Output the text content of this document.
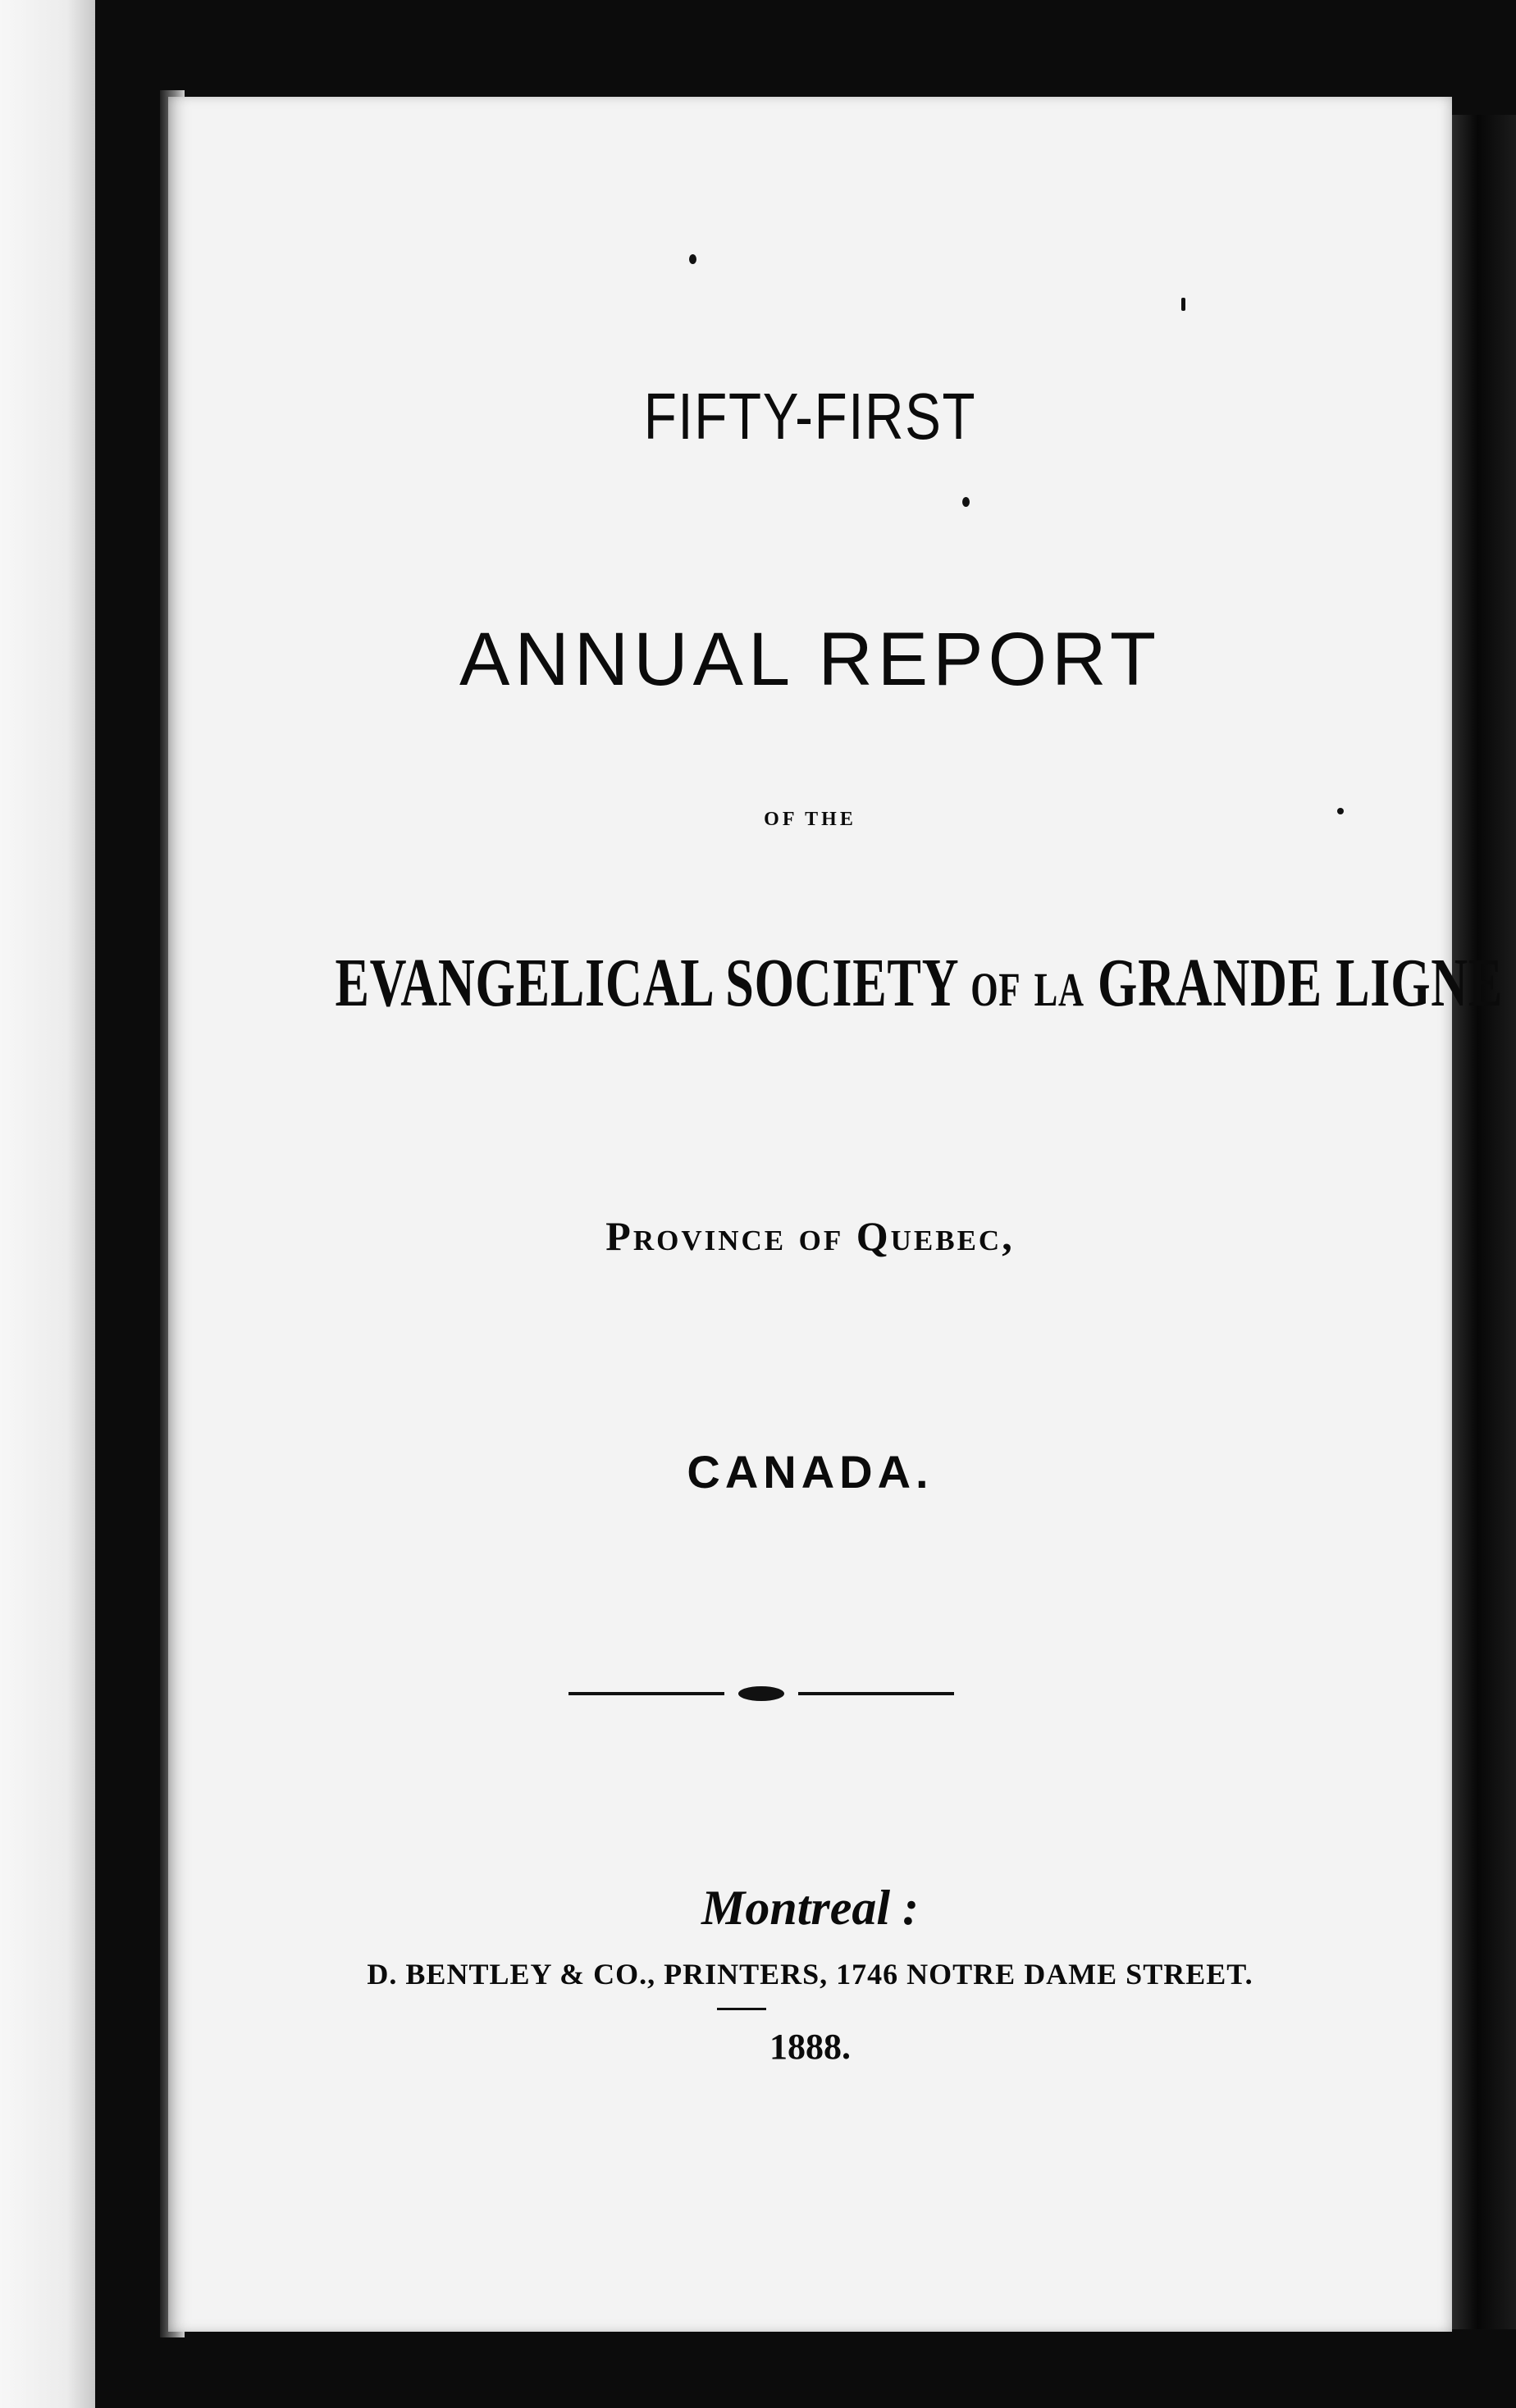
FIFTY-FIRST
ANNUAL REPORT
OF THE
EVANGELICAL SOCIETY OF LA GRANDE LIGNE
Province of Quebec,
CANADA.
Montreal :
D. BENTLEY & CO., PRINTERS, 1746 NOTRE DAME STREET.
1888.
